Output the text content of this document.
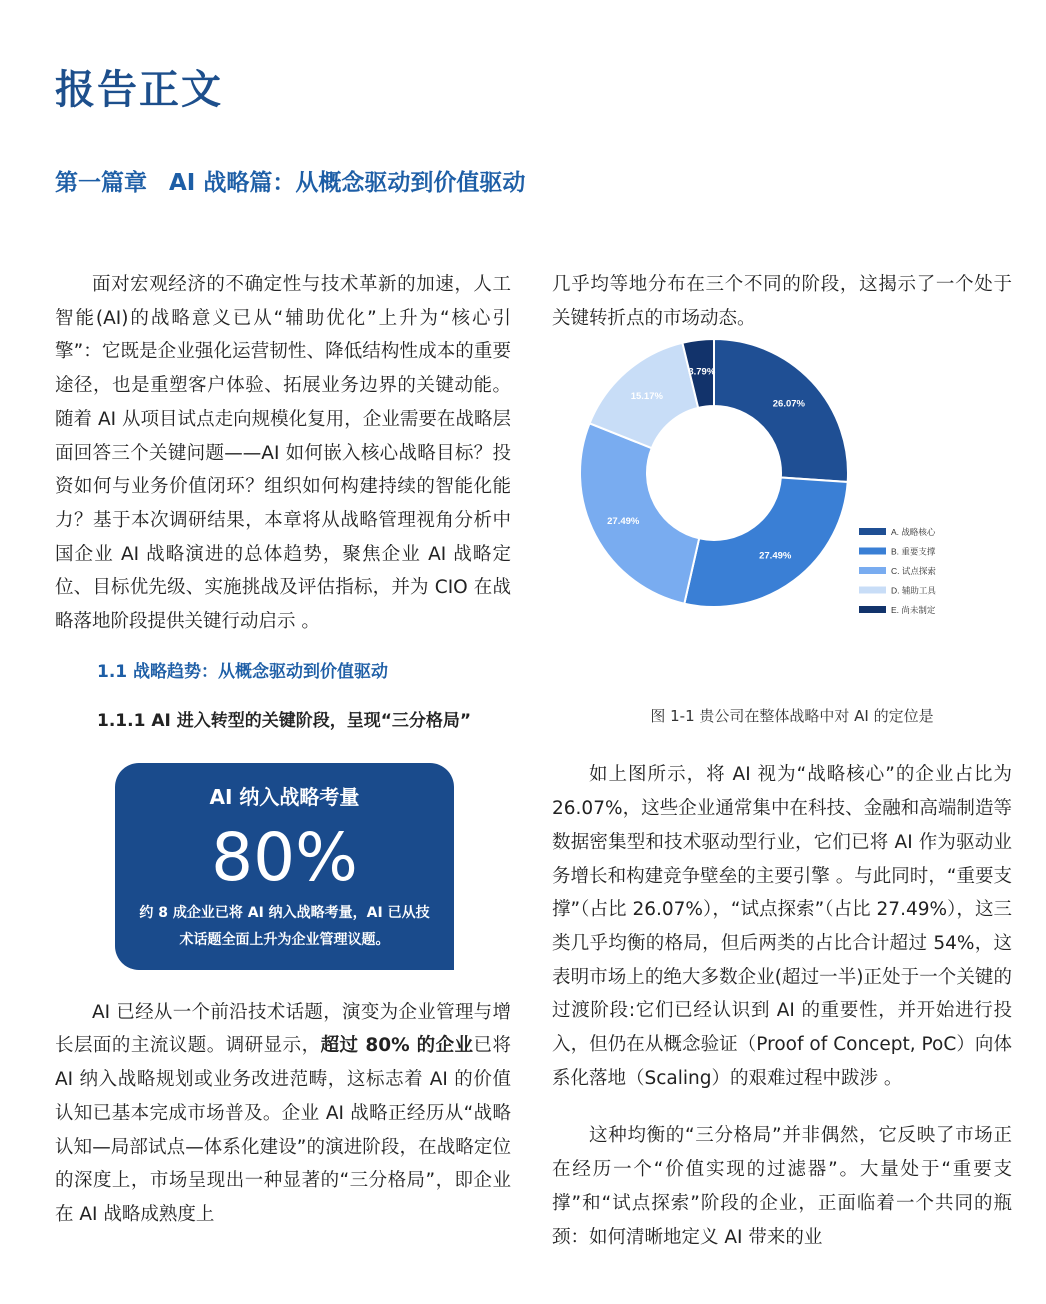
报告正文
第一篇章 AI 战略篇：从概念驱动到价值驱动

面对宏观经济的不确定性与技术革新的加速，人工智能(AI)的战略意义已从“辅助优化”上升为“核心引擎”：它既是企业强化运营韧性、降低结构性成本的重要途径，也是重塑客户体验、拓展业务边界的关键动能。随着 AI 从项目试点走向规模化复用，企业需要在战略层面回答三个关键问题——AI 如何嵌入核心战略目标？投资如何与业务价值闭环？组织如何构建持续的智能化能力？基于本次调研结果，本章将从战略管理视角分析中国企业 AI 战略演进的总体趋势，聚焦企业 AI 战略定位、目标优先级、实施挑战及评估指标，并为 CIO 在战略落地阶段提供关键行动启示 。

1.1 战略趋势：从概念驱动到价值驱动
1.1.1 AI 进入转型的关键阶段，呈现“三分格局”
AI 纳入战略考量
80%
约 8 成企业已将 AI 纳入战略考量，AI 已从技术话题全面上升为企业管理议题。

AI 已经从一个前沿技术话题，演变为企业管理与增长层面的主流议题。调研显示，超过 80% 的企业已将 AI 纳入战略规划或业务改进范畴，这标志着 AI 的价值认知已基本完成市场普及。企业 AI 战略正经历从“战略认知—局部试点—体系化建设”的演进阶段，在战略定位的深度上，市场呈现出一种显著的“三分格局”，即企业在 AI 战略成熟度上

几乎均等地分布在三个不同的阶段，这揭示了一个处于关键转折点的市场动态。

26.07%
27.49%
27.49%
15.17%
3.79%
A. 战略核心
B. 重要支撑
C. 试点探索
D. 辅助工具
E. 尚未制定
图 1-1 贵公司在整体战略中对 AI 的定位是

如上图所示，将 AI 视为“战略核心”的企业占比为 26.07%，这些企业通常集中在科技、金融和高端制造等数据密集型和技术驱动型行业，它们已将 AI 作为驱动业务增长和构建竞争壁垒的主要引擎 。与此同时，“重要支撑”（占比 26.07%），“试点探索”（占比 27.49%），这三类几乎均衡的格局，但后两类的占比合计超过 54%，这表明市场上的绝大多数企业(超过一半)正处于一个关键的过渡阶段:它们已经认识到 AI 的重要性，并开始进行投入，但仍在从概念验证（Proof of Concept, PoC）向体系化落地（Scaling）的艰难过程中跋涉 。

这种均衡的“三分格局”并非偶然，它反映了市场正在经历一个“价值实现的过滤器”。大量处于“重要支撑”和“试点探索”阶段的企业，正面临着一个共同的瓶颈：如何清晰地定义 AI 带来的业
